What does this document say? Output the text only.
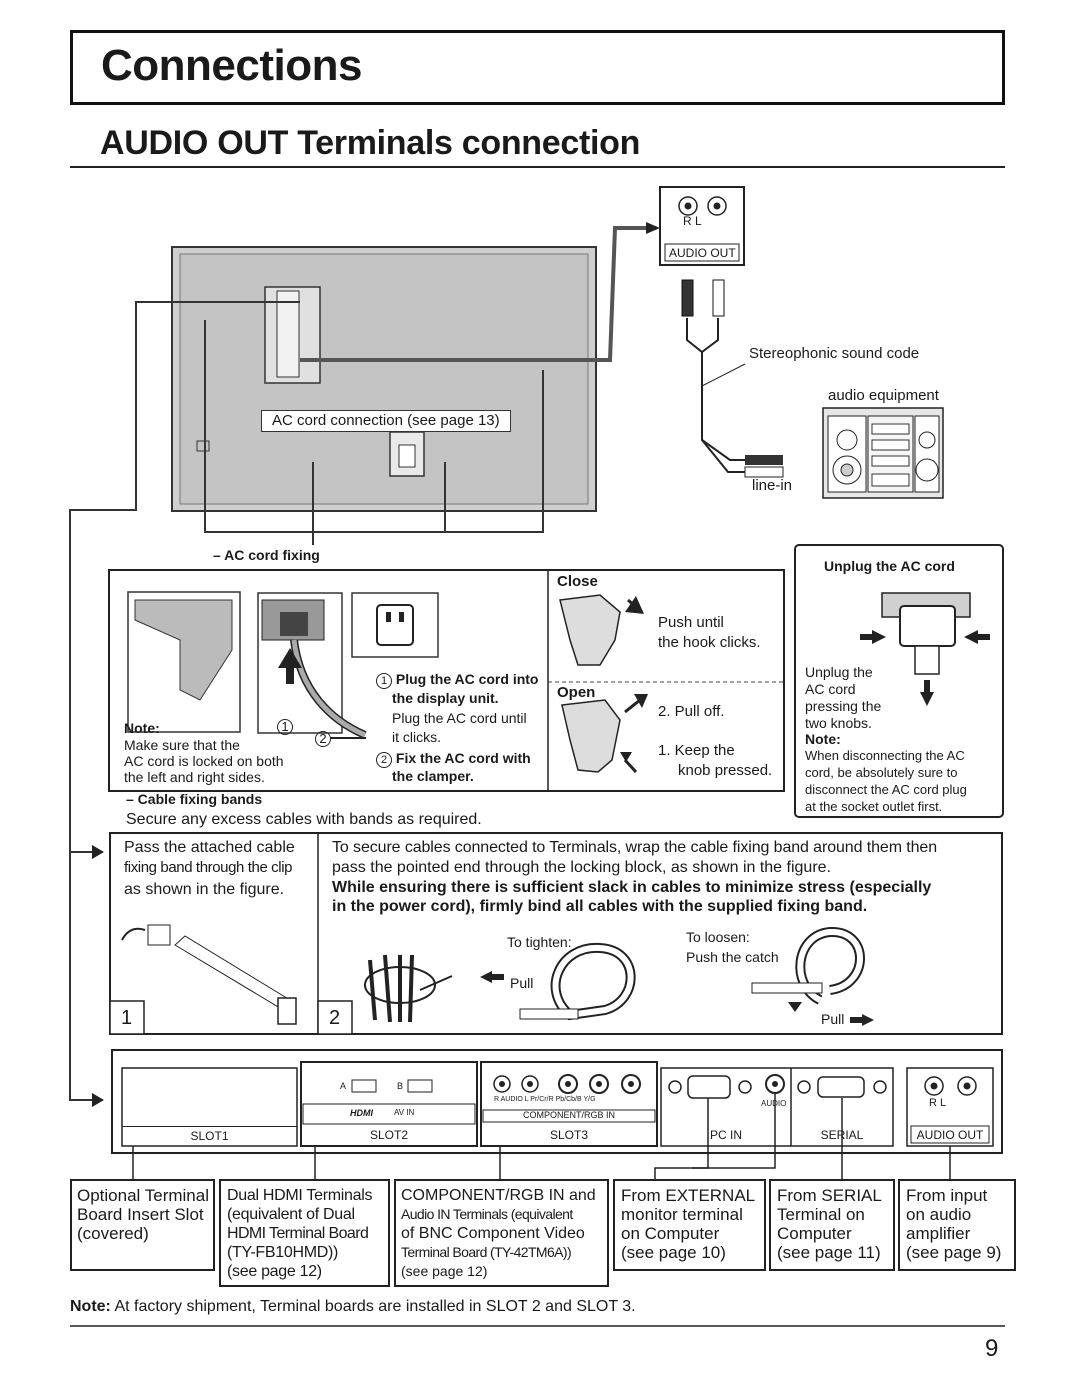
Connections
AUDIO OUT Terminals connection
R L
AUDIO OUT
Stereophonic sound code
audio equipment
line-in
AC cord connection (see page 13)
– AC cord fixing
Close
Push until
the hook clicks.
Open
2. Pull off.
1. Keep the
knob pressed.
1 Plug the AC cord into
the display unit.
Plug the AC cord until
it clicks.
2 Fix the AC cord with
the clamper.
1
2
Note:
Make sure that the
AC cord is locked on both
the left and right sides.
Unplug the AC cord
Unplug the
AC cord
pressing the
two knobs.
Note:
When disconnecting the AC
cord, be absolutely sure to
disconnect the AC cord plug
at the socket outlet first.
– Cable fixing bands
Secure any excess cables with bands as required.
Pass the attached cable
fixing band through the clip
as shown in the figure.
To secure cables connected to Terminals, wrap the cable fixing band around them then
pass the pointed end through the locking block, as shown in the figure.
While ensuring there is sufficient slack in cables to minimize stress (especially
in the power cord), firmly bind all cables with the supplied fixing band.
To tighten:
Pull
To loosen:
Push the catch
Pull
1	2
SLOT1	SLOT2	SLOT3	PC IN	SERIAL	AUDIO OUT
A	B
HDMI	AV IN
R AUDIO L Pr/Cr/R Pb/Cb/B Y/G
COMPONENT/RGB IN
AUDIO	R L
Optional Terminal
Board Insert Slot
(covered)
Dual HDMI Terminals
(equivalent of Dual
HDMI Terminal Board
(TY-FB10HMD))
(see page 12)
COMPONENT/RGB IN and
Audio IN Terminals (equivalent
of BNC Component Video
Terminal Board (TY-42TM6A))
(see page 12)
From EXTERNAL
monitor terminal
on Computer
(see page 10)
From SERIAL
Terminal on
Computer
(see page 11)
From input
on audio
amplifier
(see page 9)
Note: At factory shipment, Terminal boards are installed in SLOT 2 and SLOT 3.
9
